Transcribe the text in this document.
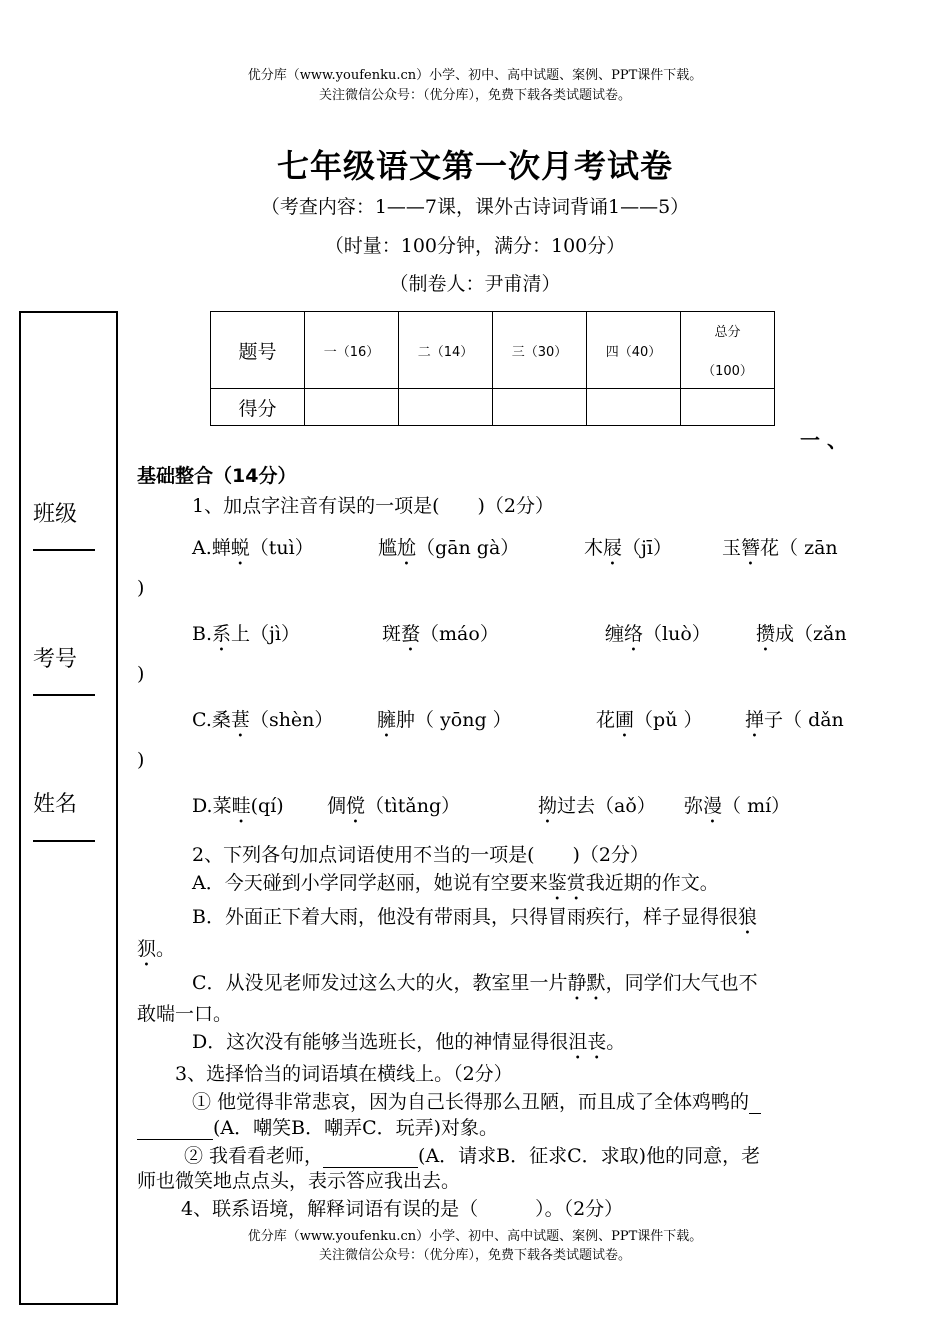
优分库（www.youfenku.cn）小学、初中、高中试题、案例、PPT课件下载。
关注微信公众号：（优分库），免费下载各类试题试卷。
七年级语文第一次月考试卷
（考查内容：1——7课，课外古诗词背诵1——5）
（时量：100分钟，满分：100分）
（制卷人：尹甫清）
班级
考号
姓名
题号	一（16）	二（14）	三（30）	四（40）	总分
（100）

得分					
一 、
基础整合（14分）
1、加点字注音有误的一项是(　　)（2分）
A.蝉蜕（tuì）	尴尬（gān gà）	木屐（jī）	玉簪花（ zān
)
B.系上（jì）	斑蝥（máo）	缠络（luò） 攒成（zǎn
)
C.桑葚（shèn） 臃肿（ yōng ）	花圃（pǔ ） 掸子（ dǎn
)
D.菜畦(qí) 倜傥（tìtǎng）	拗过去（aǒ） 弥漫（ mí）
2、下列各句加点词语使用不当的一项是(　　)（2分）
A．今天碰到小学同学赵丽，她说有空要来鉴赏我近期的作文。
B．外面正下着大雨，他没有带雨具，只得冒雨疾行，样子显得很狼
狈。
C．从没见老师发过这么大的火，教室里一片静默，同学们大气也不
敢喘一口。
D．这次没有能够当选班长，他的神情显得很沮丧。
3、选择恰当的词语填在横线上。（2分）
① 他觉得非常悲哀，因为自己长得那么丑陋，而且成了全体鸡鸭的
(A．嘲笑B．嘲弄C．玩弄)对象。
② 我看看老师，	(A．请求B．征求C．求取)他的同意，老
师也微笑地点点头，表示答应我出去。
4、联系语境，解释词语有误的是（　　　）。（2分）
优分库（www.youfenku.cn）小学、初中、高中试题、案例、PPT课件下载。
关注微信公众号：（优分库），免费下载各类试题试卷。
